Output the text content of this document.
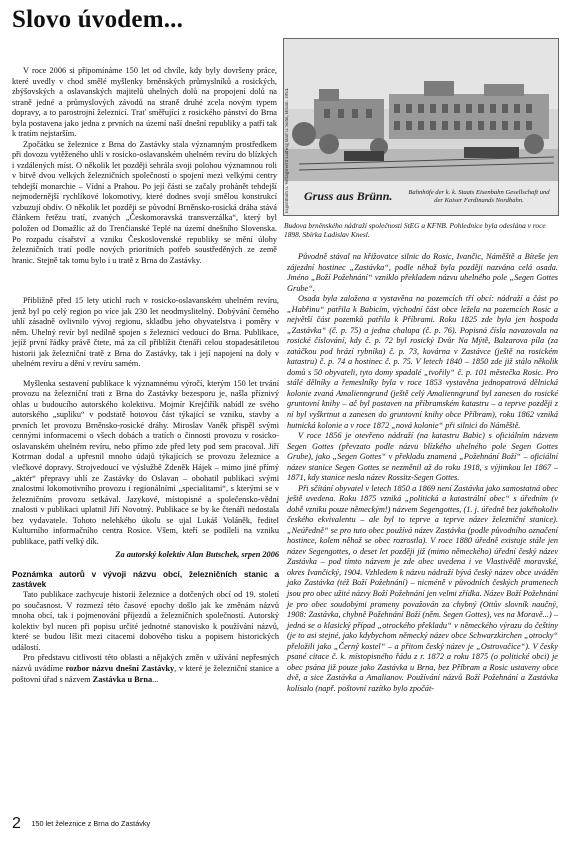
Slovo úvodem...

V roce 2006 si připomínáme 150 let od chvíle, kdy byly dovršeny práce, které uvedly v chod smělé myšlenky brněnských průmyslníků a rosických, zbýšovských a oslavanských majitelů uhelných dolů na propojení dolů na straně jedné a průmyslových závodů na straně druhé zcela novým typem dopravy, a to parostrojní železnicí. Trať směřující z rosického pánství do Brna byla postavena jako jedna z prvních na území naší dnešní republiky a patří tak k tratím nejstarším.

Zpočátku se železnice z Brna do Zastávky stala významným prostředkem při dovozu vytěženého uhlí v rosicko-oslavanském uhelném revíru do blízkých i vzdálených míst. O několik let později sehrála svoji polohou významnou roli v bitvě dvou velkých železničních společností o spojení mezi velkými centry tehdejší monarchie – Vídní a Prahou. Po její části se začaly prohánět tehdejší nejmodernější rychlíkové lokomotivy, které dodnes svojí smělou konstrukcí vzbuzují obdiv. O několik let později se původní Brněnsko-rosická dráha stává článkem řetězu tratí, zvaných „Českomoravská transverzálka“, který byl položen od Domažlic až do Trenčianské Teplé na území dnešního Slovenska. Po rozpadu císařství a vzniku Československé republiky se mění úlohy železničních tratí podle nových prioritních potřeb soustředěných ze země hranic. Stejně tak tomu bylo i u tratě z Brna do Zastávky.

Eigenthum u. Verlagsrecht Ludwig Barr u. Sohn, Brünn. 1894.	Gruss aus Brünn.	Bahnhöfe der k. k. Staats Eisenbahn Gesellschaft und der Kaiser Ferdinands Nordbahn.
Budova brněnského nádraží společnosti StEG a KFNB. Pohlednice byla odeslána v roce 1898. Sbírka Ladislav Knesl.

Přibližně před 15 lety utichl ruch v rosicko-oslavanském uhelném revíru, jenž byl po celý region po více jak 230 let neodmyslitelný. Dobývání černého uhlí zásadně ovlivnilo vývoj regionu, skladbu jeho obyvatelstva i poměry v něm. Uhelný revír byl nedílně spojen s železnicí vedoucí do Brna. Publikace, jejíž první řádky právě čtete, má za cíl přiblížit čtenáři celou stopadesátiletou historii jak železniční tratě z Brna do Zastávky, tak i její napojení na doly v uhelném revíru a dění v revíru samém.

Myšlenka sestavení publikace k významnému výročí, kterým 150 let trvání provozu na železniční trati z Brna do Zastávky bezesporu je, našla příznivý ohlas u budoucího autorského kolektivu. Mojmír Krejčiřík nabídl ze svého autorského „supliku“ v podstatě hotovou část týkající se vzniku, stavby a prvních let provozu Brněnsko-rosické dráhy. Miroslav Vaněk přispěl svými cennými informacemi o všech dobách a tratích o činnosti provozu v rosicko-oslavanském uhelném revíru, nebo přímo zde před lety pod sem pracoval. Jiří Kotrman dodal a upřesnil mnoho údajů týkajících se provozu železnice a vlečkové dopravy. Strojvedoucí ve výslužbě Zdeněk Hájek – mimo jiné přímý „aktér“ přepravy uhlí ze Zastávky do Oslavan – obohatil publikaci svými znalostmi lokomotivního provozu i regionálními „specialitami“, s kterými se v železničním provozu setkával. Jazykové, místopisné a společensko-vědní znalosti v publikaci uplatnil Jiří Novotný. Publikace se by ke čtenáři nedostala bez vydavatele. Tohoto nelehkého úkolu se ujal Lukáš Voláněk, ředitel Kulturního informačního centra Rosice. Všem, kteří se podíleli na vzniku publikace, patří velký dík.

Za autorský kolektiv Alan Butschek, srpen 2006

Poznámka autorů v vývoji názvu obcí, železničních stanic a zastávek

Tato publikace zachycuje historii železnice a dotčených obcí od 19. století po současnost. V rozmezí této časové epochy došlo jak ke změnám názvů mnoha obcí, tak i pojmenování příjezdů a železničních společností. Autorský kolektiv byl nucen při popisu určité jednotné stanovisko k používání názvů, které se budou líšit mezi citacemi dobového tisku a popisem historických událostí.

Pro představu citlivosti této oblasti a nějakých změn v užívání nepřesných názvů uvádíme rozbor názvu dnešní Zastávky, v které je železniční stanice a poštovní úřad s názvem Zastávka u Brna...

Původně stával na křižovatce silnic do Rosic, Ivančic, Náměště a Bíteše jen zájezdní hostinec „Zastávka“, podle něhož byla později nazvána celá osada. Jméno „Boží Požehnání“ vzniklo překladem názvu uhelného pole „Segen Gottes Grube“.

Osada byla založena a vystavěna na pozemcích tří obcí: nádraží a část po „Habřinu“ patřila k Babicím, východní část obce ležela na pozemcích Rosic a největší část pozemků patřila k Příbrami. Roku 1825 zde byla jen hospoda „Zastávka“ (č. p. 75) a jedna chalupa (č. p. 76). Popisná čísla navazovala na rosické číslování, kdy č. p. 72 byl rosický Dvůr Na Mýtě, Balzarova píla (za zatáčkou pod hrází rybníka) č. p. 73, kovárna v Zastávce (ještě na rosickém katastru) č. p. 74 a hostinec č. p. 75. V letech 1840 – 1850 zde již stálo několik domů s 50 obyvateli, tyto domy spadalé „tvořily“ č. p. 101 městečka Rosic. Pro stálé dělníky a řemeslníky byla v roce 1853 vystavěna jednopatrová dělnická kolonie zvaná Amalienngrund (ještě celý Amalienngrund byl zanesen do rosické gruntovní knihy – ač byl postaven na příbramském katastru – a teprve později z ní byl vyškrtnut a zanesen do gruntovní knihy obce Příbram), roku 1862 vzniká hutnická kolonie a v roce 1872 „nová kolonie“ při silnici do Náměště.

V roce 1856 je otevřeno nádraží (na katastru Babic) s oficiálním názvem Segen Gottes (převzato podle názvu blízkého uhelného pole Segen Gottes Grube), jako „Segen Gottes“ v překladu znamená „Požehnání Boží“ – oficiální název stanice Segen Gottes se nezměnil až do roku 1918, s výjimkou let 1867 – 1871, kdy stanice nesla název Rossitz-Segen Gottes.

Při sčítání obyvatel v letech 1850 a 1869 není Zastávka jako samostatná obec ještě uvedena. Roku 1875 vzniká „politická a katastrální obec“ s úředním (v době vzniku pouze německým!) názvem Segengottes, (1. j. úředně bez jakéhokoliv českého ekvivalentu – ale byl to teprve a teprve název železniční stanice). „Neúředně“ se pro tuto obec používá název Zastávka (podle původního označení hostince, kolem něhož se obec rozrostla). V roce 1880 úředně existuje stále jen název Segengottes, o deset let později již (mimo německého) úřední český název Zastávka – pod tímto názvem je zde obec uvedena i ve Vlastivědě moravské, okres Ivančický, 1904. Vzhledem k názvu nádraží bývá český název obce uváděn jako Zastávka (též Boží Požehnání) – nicméně v původních českých pramenech jsou pro obec užité názvy Boží Požehnání jen velmi zřídka. Název Boží Požehnání je pro obec soudobými prameny považován za chybný (Ottův slovník naučný, 1908: Zastávka, chybně Požehnání Boží (něm. Segen Gottes), ves na Moravě...) – jedná se o klasický případ „otrockého překladu“ v německého výrazu do češtiny (je to asi stejné, jako kdybychom německý název obce Schwarzkirchen „otrocky“ přeložili jako „Černý kostel“ – a přitom český název je „Ostrovačice“). V česky psané citace č. k. místopisného řádu z r. 1872 a roku 1875 (o politické obci) je obec psána již pouze jako Zastávka u Brna, bez Příbram a Rosic ustaveny obce dvě, a sice Zastávka a Amalianov. Používání názvů Boží Požehnání a Zastávka kolísalo (např. poštovní razítko bylo zpočát-

2 150 let železnice z Brna do Zastávky
